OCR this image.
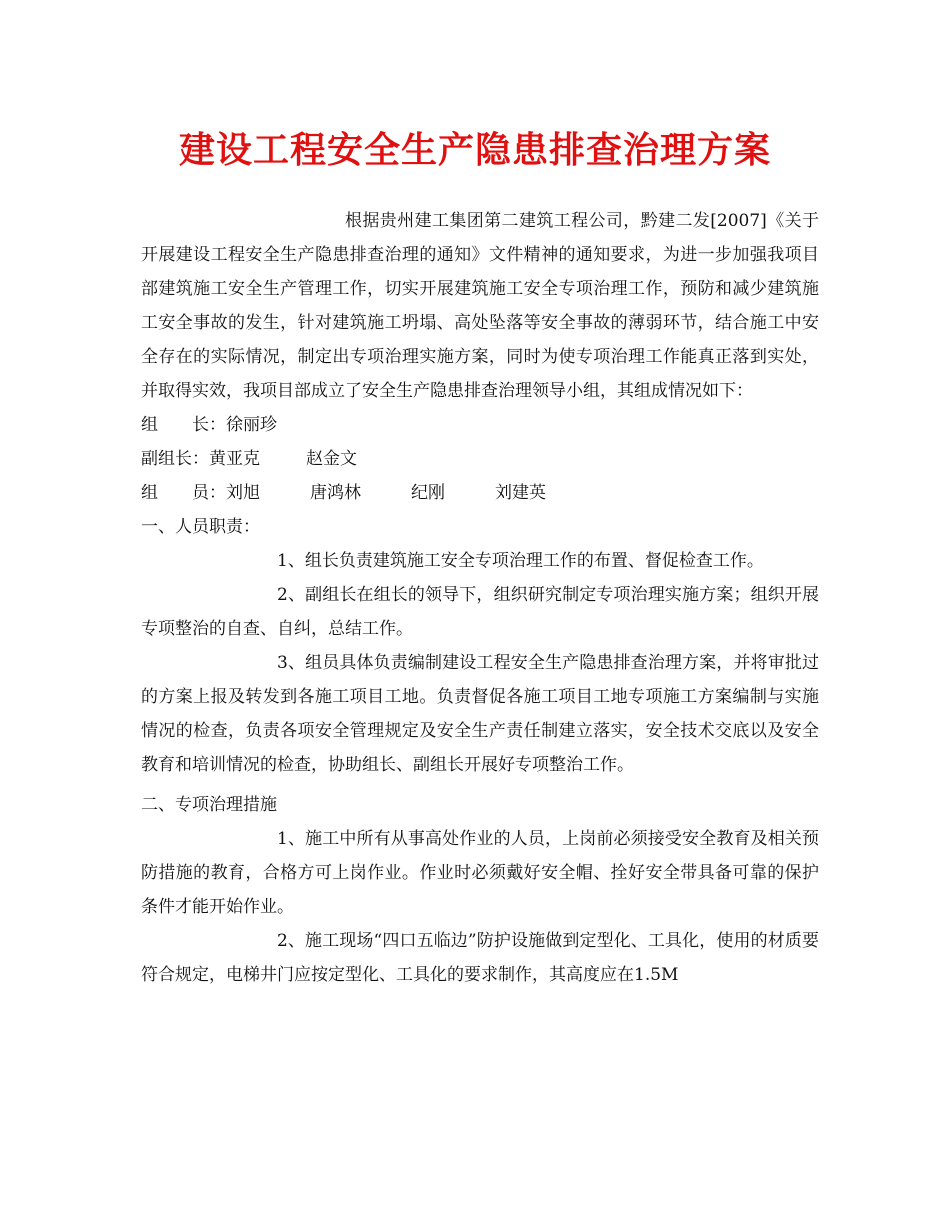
建设工程安全生产隐患排查治理方案

根据贵州建工集团第二建筑工程公司，黔建二发[2007]《关于开展建设工程安全生产隐患排查治理的通知》文件精神的通知要求，为进一步加强我项目部建筑施工安全生产管理工作，切实开展建筑施工安全专项治理工作，预防和减少建筑施工安全事故的发生，针对建筑施工坍塌、高处坠落等安全事故的薄弱环节，结合施工中安全存在的实际情况，制定出专项治理实施方案，同时为使专项治理工作能真正落到实处，并取得实效，我项目部成立了安全生产隐患排查治理领导小组，其组成情况如下：

组　　长：徐丽珍

副组长：黄亚克	赵金文

组　　员：刘旭	唐鸿林	纪刚	刘建英

一、人员职责：

1、组长负责建筑施工安全专项治理工作的布置、督促检查工作。

2、副组长在组长的领导下，组织研究制定专项治理实施方案；组织开展专项整治的自查、自纠，总结工作。

3、组员具体负责编制建设工程安全生产隐患排查治理方案，并将审批过的方案上报及转发到各施工项目工地。负责督促各施工项目工地专项施工方案编制与实施情况的检查，负责各项安全管理规定及安全生产责任制建立落实，安全技术交底以及安全教育和培训情况的检查，协助组长、副组长开展好专项整治工作。

二、专项治理措施

1、施工中所有从事高处作业的人员，上岗前必须接受安全教育及相关预防措施的教育，合格方可上岗作业。作业时必须戴好安全帽、拴好安全带具备可靠的保护条件才能开始作业。

2、施工现场“四口五临边”防护设施做到定型化、工具化，使用的材质要符合规定，电梯井门应按定型化、工具化的要求制作，其高度应在1.5M
